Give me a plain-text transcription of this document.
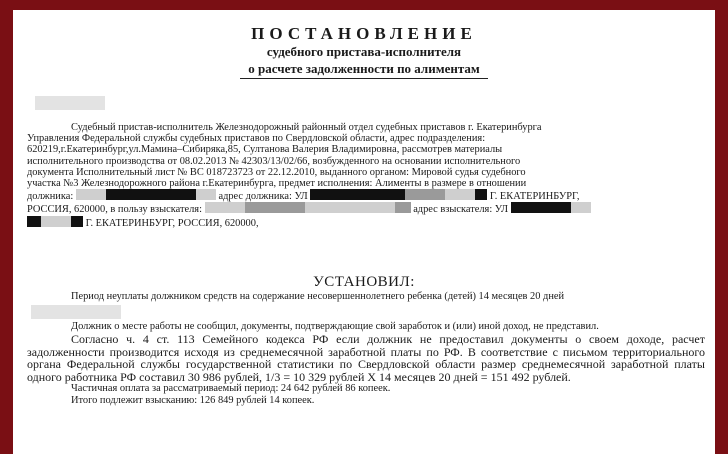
ПОСТАНОВЛЕНИЕ
судебного пристава-исполнителя
о расчете задолженности по алиментам
Судебный пристав-исполнитель Железнодорожный районный отдел судебных приставов г. Екатеринбурга
Управления Федеральной службы судебных приставов по Свердловской области, адрес подразделения:
620219,г.Екатеринбург,ул.Мамина–Сибиряка,85, Султанова Валерия Владимировна, рассмотрев материалы
исполнительного производства от 08.02.2013 № 42303/13/02/66, возбужденного на основании исполнительного
документа Исполнительный лист № ВС 018723723 от 22.12.2010, выданного органом: Мировой судья судебного
участка №3 Железнодорожного района г.Екатеринбурга, предмет исполнения: Алименты в размере в отношении
должника:	адрес должника: УЛ	Г. ЕКАТЕРИНБУРГ,
РОССИЯ, 620000, в пользу взыскателя:	адрес взыскателя: УЛ
Г. ЕКАТЕРИНБУРГ, РОССИЯ, 620000,
УСТАНОВИЛ:

Период неуплаты должником средств на содержание несовершеннолетнего ребенка (детей) 14 месяцев 20 дней

Должник о месте работы не сообщил, документы, подтверждающие свой заработок и (или) иной доход, не представил.

Согласно ч. 4 ст. 113 Семейного кодекса РФ если должник не предоставил документы о своем доходе, расчет задолженности производится исходя из среднемесячной заработной платы по РФ. В соответствие с письмом территориального органа Федеральной службы государственной статистики по Свердловской области размер среднемесячной заработной платы одного работника РФ составил 30 986 рублей, 1/3 = 10 329 рублей Х 14 месяцев 20 дней = 151 492 рублей.

Частичная оплата за рассматриваемый период: 24 642 рублей 86 копеек.

Итого подлежит взысканию: 126 849 рублей 14 копеек.
